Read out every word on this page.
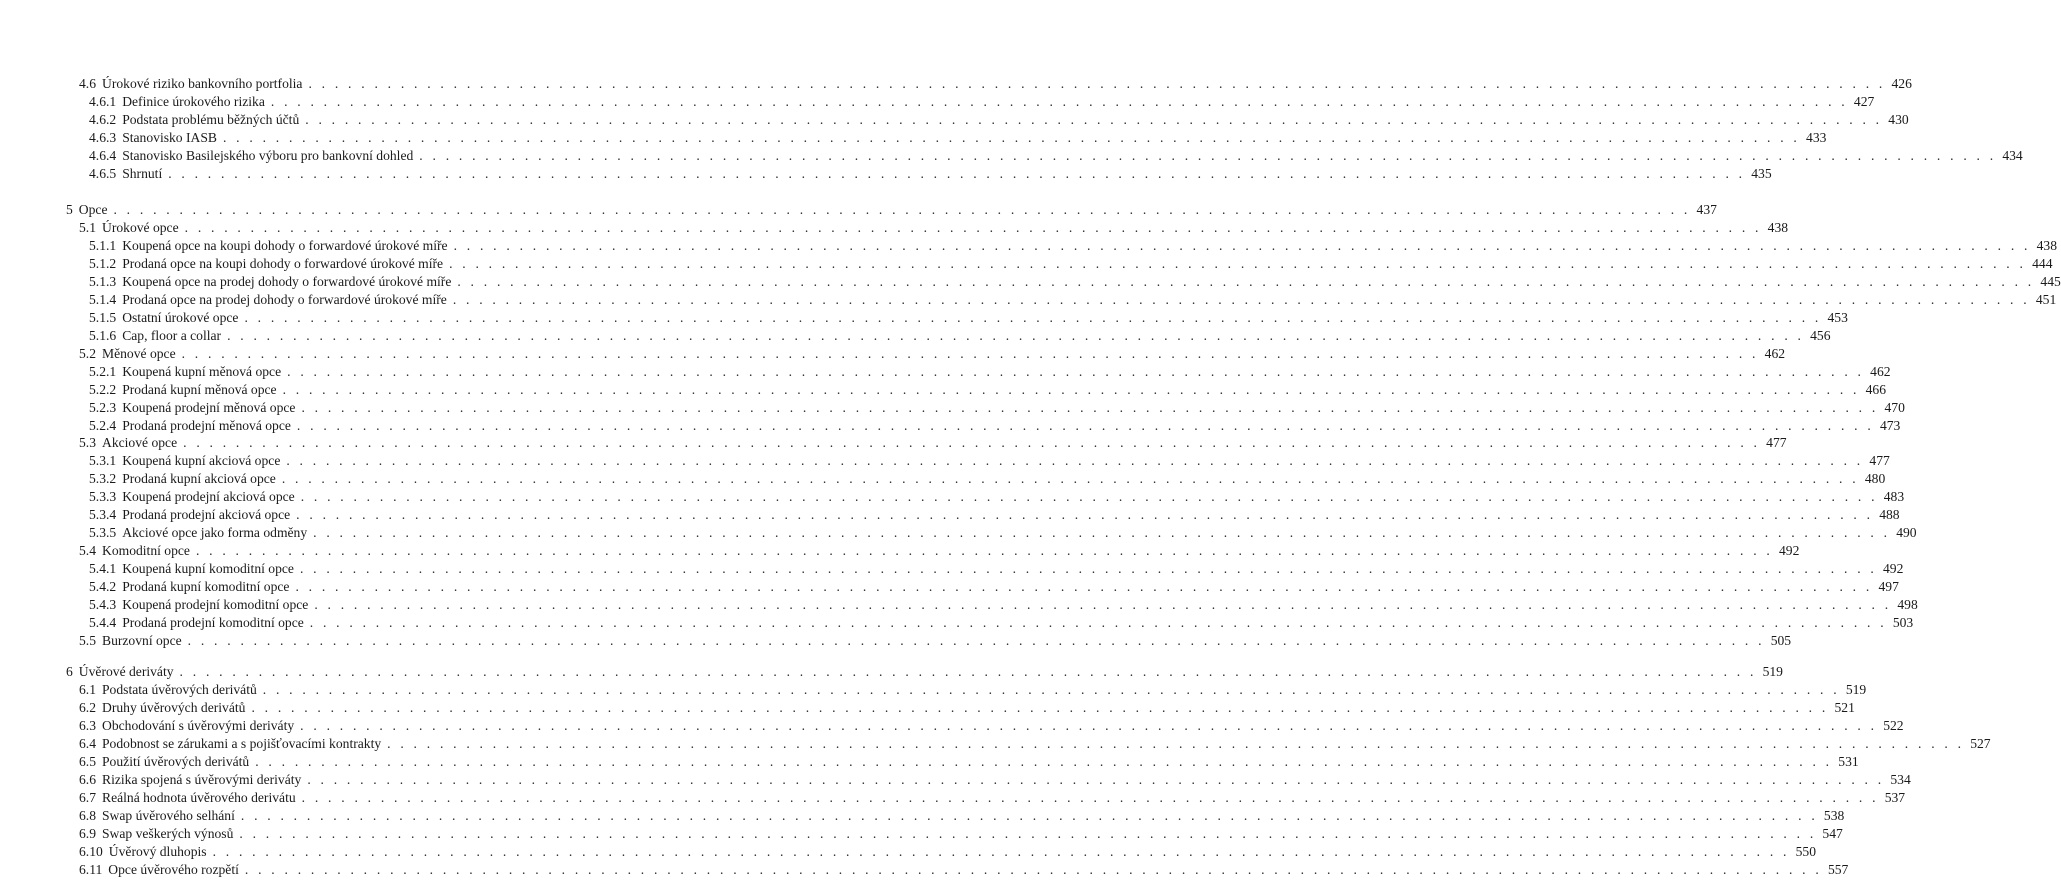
4.6 Úrokové riziko bankovního portfolia . . . . . . . . . . . . . . . . . . . . . . . . . . . . . . . . . . . . . . . . . . . . . . . . . . . . . . . . . . . . . . . . . . . . . . . . . . . . . . . . . . . . . . . . . . . . . . . . . . . . . . . . . . . . . . . . . . . . . . . . 426
4.6.1 Definice úrokového rizika . . . . . . . . . . . . . . . . . . . . . . . . . . . . . . . . . . . . . . . . . . . . . . . . . . . . . . . . . . . . . . . . . . . . . . . . . . . . . . . . . . . . . . . . . . . . . . . . . . . . . . . . . . . . . . . . . . . . . . . . 427
4.6.2 Podstata problému běžných účtů . . . . . . . . . . . . . . . . . . . . . . . . . . . . . . . . . . . . . . . . . . . . . . . . . . . . . . . . . . . . . . . . . . . . . . . . . . . . . . . . . . . . . . . . . . . . . . . . . . . . . . . . . . . . . . . . . . . . . . . . 430
4.6.3 Stanovisko IASB . . . . . . . . . . . . . . . . . . . . . . . . . . . . . . . . . . . . . . . . . . . . . . . . . . . . . . . . . . . . . . . . . . . . . . . . . . . . . . . . . . . . . . . . . . . . . . . . . . . . . . . . . . . . . . . . . . . . . . . . 433
4.6.4 Stanovisko Basilejského výboru pro bankovní dohled . . . . . . . . . . . . . . . . . . . . . . . . . . . . . . . . . . . . . . . . . . . . . . . . . . . . . . . . . . . . . . . . . . . . . . . . . . . . . . . . . . . . . . . . . . . . . . . . . . . . . . . . . . . . . . . . . . . . . . . . 434
4.6.5 Shrnutí . . . . . . . . . . . . . . . . . . . . . . . . . . . . . . . . . . . . . . . . . . . . . . . . . . . . . . . . . . . . . . . . . . . . . . . . . . . . . . . . . . . . . . . . . . . . . . . . . . . . . . . . . . . . . . . . . . . . . . . . 435
5 Opce . . . . . . . . . . . . . . . . . . . . . . . . . . . . . . . . . . . . . . . . . . . . . . . . . . . . . . . . . . . . . . . . . . . . . . . . . . . . . . . . . . . . . . . . . . . . . . . . . . . . . . . . . . . . . . . . . . . . . . . . 437
5.1 Úrokové opce . . . . . . . . . . . . . . . . . . . . . . . . . . . . . . . . . . . . . . . . . . . . . . . . . . . . . . . . . . . . . . . . . . . . . . . . . . . . . . . . . . . . . . . . . . . . . . . . . . . . . . . . . . . . . . . . . . . . . . . . 438
5.1.1 Koupená opce na koupi dohody o forwardové úrokové míře . . . . . . . . . . . . . . . . . . . . . . . . . . . . . . . . . . . . . . . . . . . . . . . . . . . . . . . . . . . . . . . . . . . . . . . . . . . . . . . . . . . . . . . . . . . . . . . . . . . . . . . . . . . . . . . . . . . . . . . . 438
5.1.2 Prodaná opce na koupi dohody o forwardové úrokové míře . . . . . . . . . . . . . . . . . . . . . . . . . . . . . . . . . . . . . . . . . . . . . . . . . . . . . . . . . . . . . . . . . . . . . . . . . . . . . . . . . . . . . . . . . . . . . . . . . . . . . . . . . . . . . . . . . . . . . . . . 444
5.1.3 Koupená opce na prodej dohody o forwardové úrokové míře . . . . . . . . . . . . . . . . . . . . . . . . . . . . . . . . . . . . . . . . . . . . . . . . . . . . . . . . . . . . . . . . . . . . . . . . . . . . . . . . . . . . . . . . . . . . . . . . . . . . . . . . . . . . . . . . . . . . . . . . 445
5.1.4 Prodaná opce na prodej dohody o forwardové úrokové míře . . . . . . . . . . . . . . . . . . . . . . . . . . . . . . . . . . . . . . . . . . . . . . . . . . . . . . . . . . . . . . . . . . . . . . . . . . . . . . . . . . . . . . . . . . . . . . . . . . . . . . . . . . . . . . . . . . . . . . . . 451
5.1.5 Ostatní úrokové opce . . . . . . . . . . . . . . . . . . . . . . . . . . . . . . . . . . . . . . . . . . . . . . . . . . . . . . . . . . . . . . . . . . . . . . . . . . . . . . . . . . . . . . . . . . . . . . . . . . . . . . . . . . . . . . . . . . . . . . . . 453
5.1.6 Cap, floor a collar . . . . . . . . . . . . . . . . . . . . . . . . . . . . . . . . . . . . . . . . . . . . . . . . . . . . . . . . . . . . . . . . . . . . . . . . . . . . . . . . . . . . . . . . . . . . . . . . . . . . . . . . . . . . . . . . . . . . . . . . 456
5.2 Měnové opce . . . . . . . . . . . . . . . . . . . . . . . . . . . . . . . . . . . . . . . . . . . . . . . . . . . . . . . . . . . . . . . . . . . . . . . . . . . . . . . . . . . . . . . . . . . . . . . . . . . . . . . . . . . . . . . . . . . . . . . . 462
5.2.1 Koupená kupní měnová opce . . . . . . . . . . . . . . . . . . . . . . . . . . . . . . . . . . . . . . . . . . . . . . . . . . . . . . . . . . . . . . . . . . . . . . . . . . . . . . . . . . . . . . . . . . . . . . . . . . . . . . . . . . . . . . . . . . . . . . . . 462
5.2.2 Prodaná kupní měnová opce . . . . . . . . . . . . . . . . . . . . . . . . . . . . . . . . . . . . . . . . . . . . . . . . . . . . . . . . . . . . . . . . . . . . . . . . . . . . . . . . . . . . . . . . . . . . . . . . . . . . . . . . . . . . . . . . . . . . . . . . 466
5.2.3 Koupená prodejní měnová opce . . . . . . . . . . . . . . . . . . . . . . . . . . . . . . . . . . . . . . . . . . . . . . . . . . . . . . . . . . . . . . . . . . . . . . . . . . . . . . . . . . . . . . . . . . . . . . . . . . . . . . . . . . . . . . . . . . . . . . . . 470
5.2.4 Prodaná prodejní měnová opce . . . . . . . . . . . . . . . . . . . . . . . . . . . . . . . . . . . . . . . . . . . . . . . . . . . . . . . . . . . . . . . . . . . . . . . . . . . . . . . . . . . . . . . . . . . . . . . . . . . . . . . . . . . . . . . . . . . . . . . . 473
5.3 Akciové opce . . . . . . . . . . . . . . . . . . . . . . . . . . . . . . . . . . . . . . . . . . . . . . . . . . . . . . . . . . . . . . . . . . . . . . . . . . . . . . . . . . . . . . . . . . . . . . . . . . . . . . . . . . . . . . . . . . . . . . . . 477
5.3.1 Koupená kupní akciová opce . . . . . . . . . . . . . . . . . . . . . . . . . . . . . . . . . . . . . . . . . . . . . . . . . . . . . . . . . . . . . . . . . . . . . . . . . . . . . . . . . . . . . . . . . . . . . . . . . . . . . . . . . . . . . . . . . . . . . . . . 477
5.3.2 Prodaná kupní akciová opce . . . . . . . . . . . . . . . . . . . . . . . . . . . . . . . . . . . . . . . . . . . . . . . . . . . . . . . . . . . . . . . . . . . . . . . . . . . . . . . . . . . . . . . . . . . . . . . . . . . . . . . . . . . . . . . . . . . . . . . . 480
5.3.3 Koupená prodejní akciová opce . . . . . . . . . . . . . . . . . . . . . . . . . . . . . . . . . . . . . . . . . . . . . . . . . . . . . . . . . . . . . . . . . . . . . . . . . . . . . . . . . . . . . . . . . . . . . . . . . . . . . . . . . . . . . . . . . . . . . . . . 483
5.3.4 Prodaná prodejní akciová opce . . . . . . . . . . . . . . . . . . . . . . . . . . . . . . . . . . . . . . . . . . . . . . . . . . . . . . . . . . . . . . . . . . . . . . . . . . . . . . . . . . . . . . . . . . . . . . . . . . . . . . . . . . . . . . . . . . . . . . . . 488
5.3.5 Akciové opce jako forma odměny . . . . . . . . . . . . . . . . . . . . . . . . . . . . . . . . . . . . . . . . . . . . . . . . . . . . . . . . . . . . . . . . . . . . . . . . . . . . . . . . . . . . . . . . . . . . . . . . . . . . . . . . . . . . . . . . . . . . . . . . 490
5.4 Komoditní opce . . . . . . . . . . . . . . . . . . . . . . . . . . . . . . . . . . . . . . . . . . . . . . . . . . . . . . . . . . . . . . . . . . . . . . . . . . . . . . . . . . . . . . . . . . . . . . . . . . . . . . . . . . . . . . . . . . . . . . . . 492
5.4.1 Koupená kupní komoditní opce . . . . . . . . . . . . . . . . . . . . . . . . . . . . . . . . . . . . . . . . . . . . . . . . . . . . . . . . . . . . . . . . . . . . . . . . . . . . . . . . . . . . . . . . . . . . . . . . . . . . . . . . . . . . . . . . . . . . . . . . 492
5.4.2 Prodaná kupní komoditní opce . . . . . . . . . . . . . . . . . . . . . . . . . . . . . . . . . . . . . . . . . . . . . . . . . . . . . . . . . . . . . . . . . . . . . . . . . . . . . . . . . . . . . . . . . . . . . . . . . . . . . . . . . . . . . . . . . . . . . . . . 497
5.4.3 Koupená prodejní komoditní opce . . . . . . . . . . . . . . . . . . . . . . . . . . . . . . . . . . . . . . . . . . . . . . . . . . . . . . . . . . . . . . . . . . . . . . . . . . . . . . . . . . . . . . . . . . . . . . . . . . . . . . . . . . . . . . . . . . . . . . . . 498
5.4.4 Prodaná prodejní komoditní opce . . . . . . . . . . . . . . . . . . . . . . . . . . . . . . . . . . . . . . . . . . . . . . . . . . . . . . . . . . . . . . . . . . . . . . . . . . . . . . . . . . . . . . . . . . . . . . . . . . . . . . . . . . . . . . . . . . . . . . . . 503
5.5 Burzovní opce . . . . . . . . . . . . . . . . . . . . . . . . . . . . . . . . . . . . . . . . . . . . . . . . . . . . . . . . . . . . . . . . . . . . . . . . . . . . . . . . . . . . . . . . . . . . . . . . . . . . . . . . . . . . . . . . . . . . . . . . 505
6 Úvěrové deriváty . . . . . . . . . . . . . . . . . . . . . . . . . . . . . . . . . . . . . . . . . . . . . . . . . . . . . . . . . . . . . . . . . . . . . . . . . . . . . . . . . . . . . . . . . . . . . . . . . . . . . . . . . . . . . . . . . . . . . . . . 519
6.1 Podstata úvěrových derivátů . . . . . . . . . . . . . . . . . . . . . . . . . . . . . . . . . . . . . . . . . . . . . . . . . . . . . . . . . . . . . . . . . . . . . . . . . . . . . . . . . . . . . . . . . . . . . . . . . . . . . . . . . . . . . . . . . . . . . . . . 519
6.2 Druhy úvěrových derivátů . . . . . . . . . . . . . . . . . . . . . . . . . . . . . . . . . . . . . . . . . . . . . . . . . . . . . . . . . . . . . . . . . . . . . . . . . . . . . . . . . . . . . . . . . . . . . . . . . . . . . . . . . . . . . . . . . . . . . . . . 521
6.3 Obchodování s úvěrovými deriváty . . . . . . . . . . . . . . . . . . . . . . . . . . . . . . . . . . . . . . . . . . . . . . . . . . . . . . . . . . . . . . . . . . . . . . . . . . . . . . . . . . . . . . . . . . . . . . . . . . . . . . . . . . . . . . . . . . . . . . . . 522
6.4 Podobnost se zárukami a s pojišťovacími kontrakty . . . . . . . . . . . . . . . . . . . . . . . . . . . . . . . . . . . . . . . . . . . . . . . . . . . . . . . . . . . . . . . . . . . . . . . . . . . . . . . . . . . . . . . . . . . . . . . . . . . . . . . . . . . . . . . . . . . . . . . . 527
6.5 Použití úvěrových derivátů . . . . . . . . . . . . . . . . . . . . . . . . . . . . . . . . . . . . . . . . . . . . . . . . . . . . . . . . . . . . . . . . . . . . . . . . . . . . . . . . . . . . . . . . . . . . . . . . . . . . . . . . . . . . . . . . . . . . . . . . 531
6.6 Rizika spojená s úvěrovými deriváty . . . . . . . . . . . . . . . . . . . . . . . . . . . . . . . . . . . . . . . . . . . . . . . . . . . . . . . . . . . . . . . . . . . . . . . . . . . . . . . . . . . . . . . . . . . . . . . . . . . . . . . . . . . . . . . . . . . . . . . . 534
6.7 Reálná hodnota úvěrového derivátu . . . . . . . . . . . . . . . . . . . . . . . . . . . . . . . . . . . . . . . . . . . . . . . . . . . . . . . . . . . . . . . . . . . . . . . . . . . . . . . . . . . . . . . . . . . . . . . . . . . . . . . . . . . . . . . . . . . . . . . . 537
6.8 Swap úvěrového selhání . . . . . . . . . . . . . . . . . . . . . . . . . . . . . . . . . . . . . . . . . . . . . . . . . . . . . . . . . . . . . . . . . . . . . . . . . . . . . . . . . . . . . . . . . . . . . . . . . . . . . . . . . . . . . . . . . . . . . . . . 538
6.9 Swap veškerých výnosů . . . . . . . . . . . . . . . . . . . . . . . . . . . . . . . . . . . . . . . . . . . . . . . . . . . . . . . . . . . . . . . . . . . . . . . . . . . . . . . . . . . . . . . . . . . . . . . . . . . . . . . . . . . . . . . . . . . . . . . . 547
6.10 Úvěrový dluhopis . . . . . . . . . . . . . . . . . . . . . . . . . . . . . . . . . . . . . . . . . . . . . . . . . . . . . . . . . . . . . . . . . . . . . . . . . . . . . . . . . . . . . . . . . . . . . . . . . . . . . . . . . . . . . . . . . . . . . . . . 550
6.11 Opce úvěrového rozpětí . . . . . . . . . . . . . . . . . . . . . . . . . . . . . . . . . . . . . . . . . . . . . . . . . . . . . . . . . . . . . . . . . . . . . . . . . . . . . . . . . . . . . . . . . . . . . . . . . . . . . . . . . . . . . . . . . . . . . . . . 557
